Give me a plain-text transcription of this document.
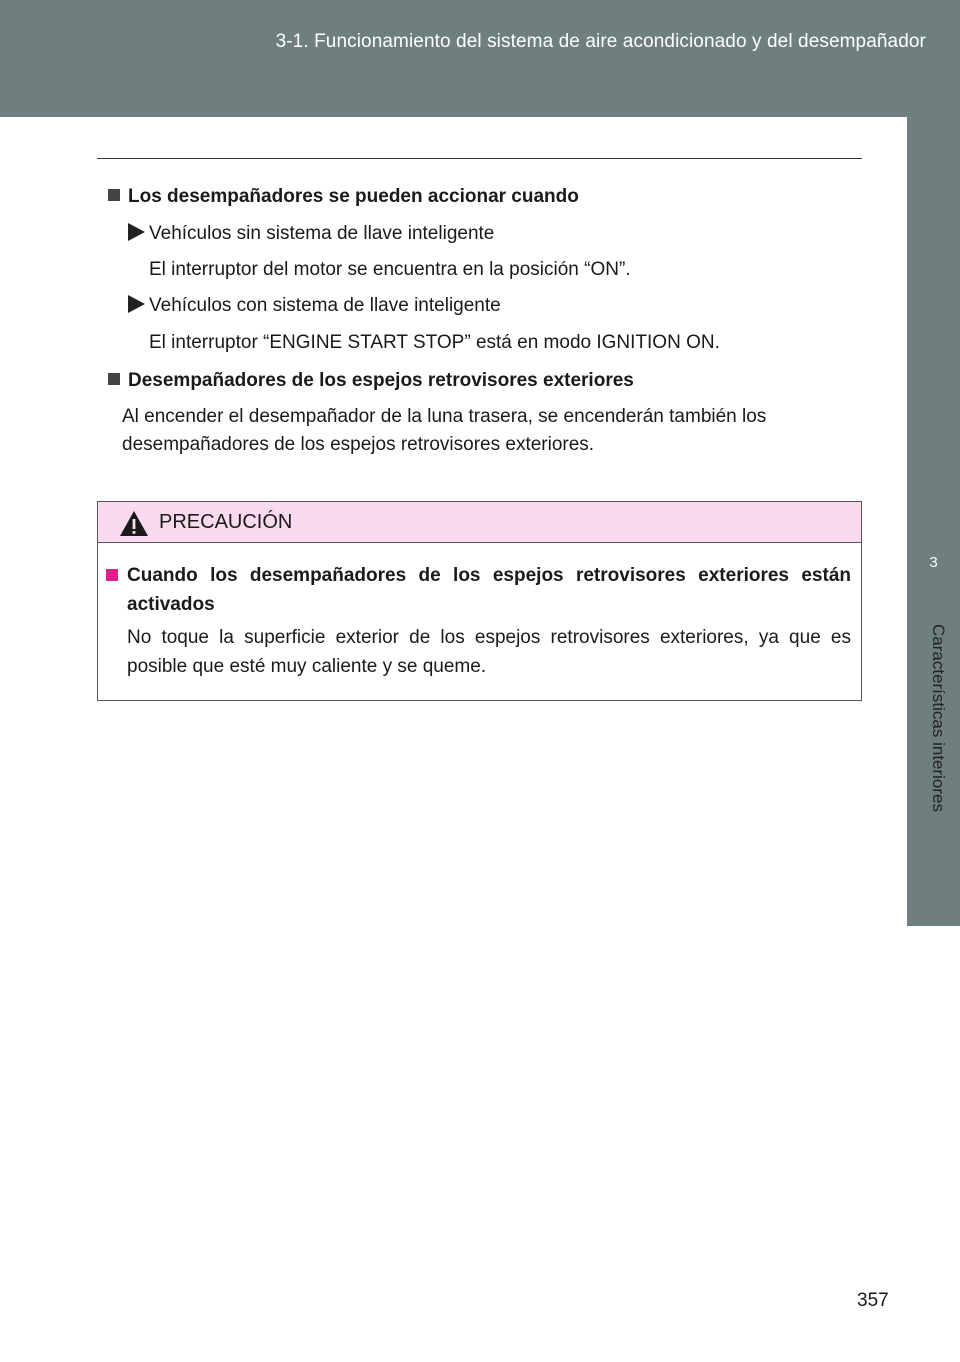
3-1. Funcionamiento del sistema de aire acondicionado y del desempañador
3
Características interiores
Los desempañadores se pueden accionar cuando
Vehículos sin sistema de llave inteligente
El interruptor del motor se encuentra en la posición “ON”.
Vehículos con sistema de llave inteligente
El interruptor “ENGINE START STOP” está en modo IGNITION ON.
Desempañadores de los espejos retrovisores exteriores
Al encender el desempañador de la luna trasera, se encenderán también los
desempañadores de los espejos retrovisores exteriores.
PRECAUCIÓN
Cuando los desempañadores de los espejos retrovisores exteriores están activados
No toque la superficie exterior de los espejos retrovisores exteriores, ya que es posible que esté muy caliente y se queme.
357
